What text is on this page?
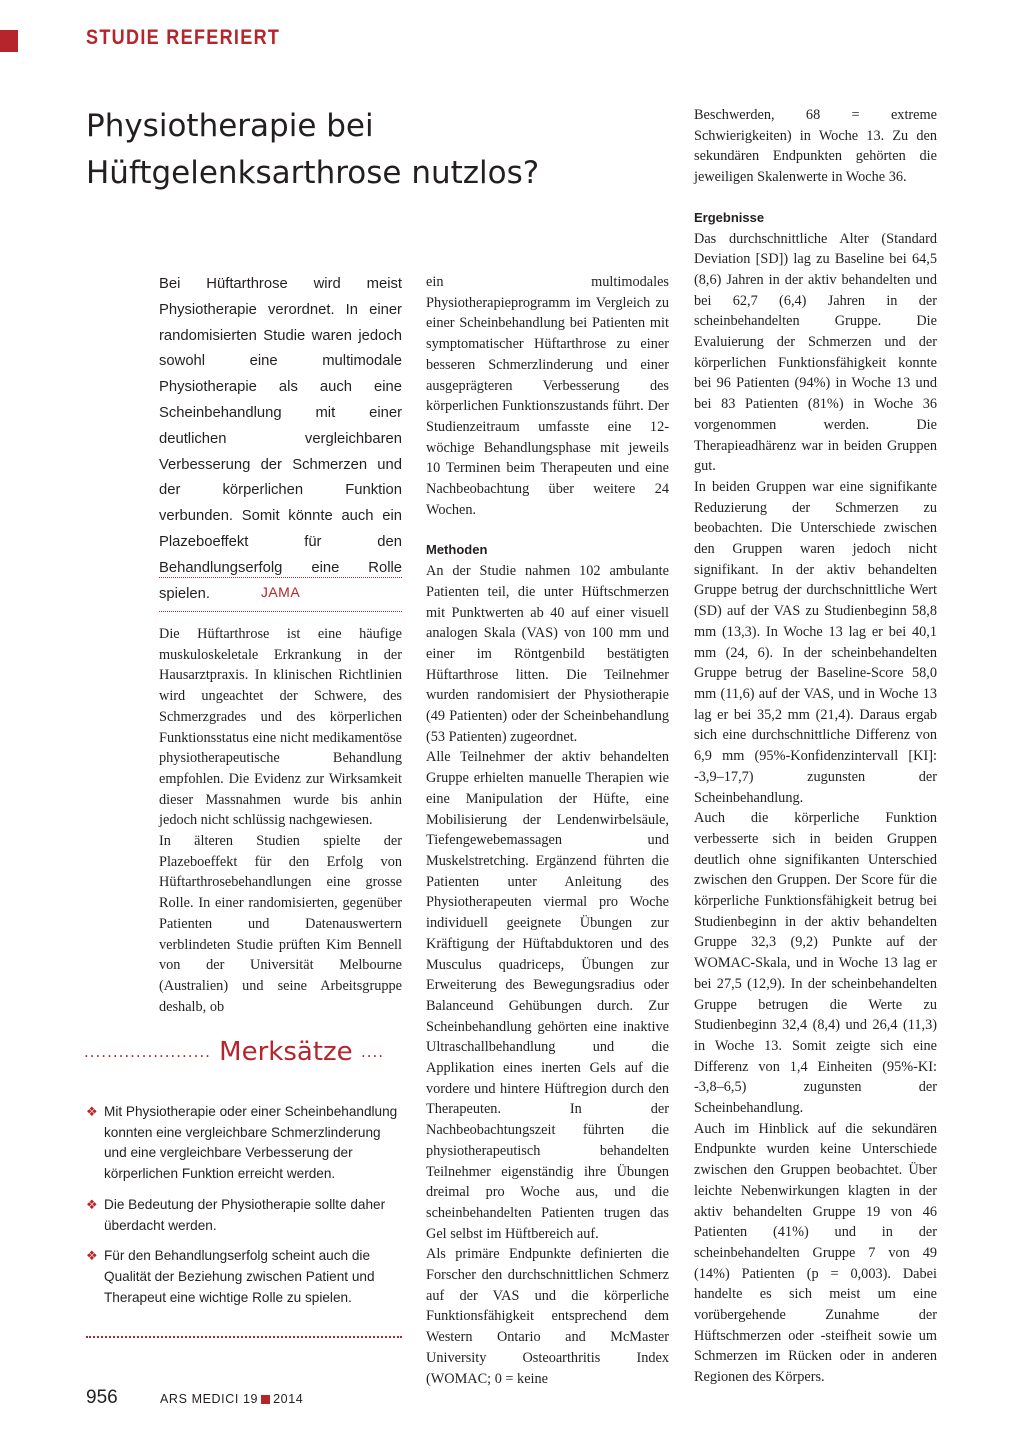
STUDIE REFERIERT
Physiotherapie bei Hüftgelenksarthrose nutzlos?
Bei Hüftarthrose wird meist Physiotherapie verordnet. In einer randomisierten Studie waren jedoch sowohl eine multimodale Physiotherapie als auch eine Scheinbehandlung mit einer deutlichen vergleichbaren Verbesserung der Schmerzen und der körperlichen Funktion verbunden. Somit könnte auch ein Plazeboeffekt für den Behandlungserfolg eine Rolle spielen.	JAMA

Die Hüftarthrose ist eine häufige muskuloskeletale Erkrankung in der Hausarztpraxis. In klinischen Richtlinien wird ungeachtet der Schwere, des Schmerzgrades und des körperlichen Funktionsstatus eine nicht medikamentöse physiotherapeutische Behandlung empfohlen. Die Evidenz zur Wirksamkeit dieser Massnahmen wurde bis anhin jedoch nicht schlüssig nachgewiesen.

In älteren Studien spielte der Plazeboeffekt für den Erfolg von Hüftarthrosebehandlungen eine grosse Rolle. In einer randomisierten, gegenüber Patienten und Datenauswertern verblindeten Studie prüften Kim Bennell von der Universität Melbourne (Australien) und seine Arbeitsgruppe deshalb, ob

ein multimodales Physiotherapieprogramm im Vergleich zu einer Scheinbehandlung bei Patienten mit symptomatischer Hüftarthrose zu einer besseren Schmerzlinderung und einer ausgeprägteren Verbesserung des körperlichen Funktionszustands führt. Der Studienzeitraum umfasste eine 12-wöchige Behandlungsphase mit jeweils 10 Terminen beim Therapeuten und eine Nachbeobachtung über weitere 24 Wochen.

Methoden

An der Studie nahmen 102 ambulante Patienten teil, die unter Hüftschmerzen mit Punktwerten ab 40 auf einer visuell analogen Skala (VAS) von 100 mm und einer im Röntgenbild bestätigten Hüftarthrose litten. Die Teilnehmer wurden randomisiert der Physiotherapie (49 Patienten) oder der Scheinbehandlung (53 Patienten) zugeordnet.

Alle Teilnehmer der aktiv behandelten Gruppe erhielten manuelle Therapien wie eine Manipulation der Hüfte, eine Mobilisierung der Lendenwirbelsäule, Tiefengewebemassagen und Muskelstretching. Ergänzend führten die Patienten unter Anleitung des Physiotherapeuten viermal pro Woche individuell geeignete Übungen zur Kräftigung der Hüftabduktoren und des Musculus quadriceps, Übungen zur Erweiterung des Bewegungsradius oder Balanceund Gehübungen durch. Zur Scheinbehandlung gehörten eine inaktive Ultraschallbehandlung und die Applikation eines inerten Gels auf die vordere und hintere Hüftregion durch den Therapeuten. In der Nachbeobachtungszeit führten die physiotherapeutisch behandelten Teilnehmer eigenständig ihre Übungen dreimal pro Woche aus, und die scheinbehandelten Patienten trugen das Gel selbst im Hüftbereich auf.

Als primäre Endpunkte definierten die Forscher den durchschnittlichen Schmerz auf der VAS und die körperliche Funktionsfähigkeit entsprechend dem Western Ontario and McMaster University Osteoarthritis Index (WOMAC; 0 = keine

Beschwerden, 68 = extreme Schwierigkeiten) in Woche 13. Zu den sekundären Endpunkten gehörten die jeweiligen Skalenwerte in Woche 36.

Ergebnisse

Das durchschnittliche Alter (Standard Deviation [SD]) lag zu Baseline bei 64,5 (8,6) Jahren in der aktiv behandelten und bei 62,7 (6,4) Jahren in der scheinbehandelten Gruppe. Die Evaluierung der Schmerzen und der körperlichen Funktionsfähigkeit konnte bei 96 Patienten (94%) in Woche 13 und bei 83 Patienten (81%) in Woche 36 vorgenommen werden. Die Therapieadhärenz war in beiden Gruppen gut.

In beiden Gruppen war eine signifikante Reduzierung der Schmerzen zu beobachten. Die Unterschiede zwischen den Gruppen waren jedoch nicht signifikant. In der aktiv behandelten Gruppe betrug der durchschnittliche Wert (SD) auf der VAS zu Studienbeginn 58,8 mm (13,3). In Woche 13 lag er bei 40,1 mm (24, 6). In der scheinbehandelten Gruppe betrug der Baseline-Score 58,0 mm (11,6) auf der VAS, und in Woche 13 lag er bei 35,2 mm (21,4). Daraus ergab sich eine durchschnittliche Differenz von 6,9 mm (95%-Konfidenzintervall [KI]: -3,9–17,7) zugunsten der Scheinbehandlung.

Auch die körperliche Funktion verbesserte sich in beiden Gruppen deutlich ohne signifikanten Unterschied zwischen den Gruppen. Der Score für die körperliche Funktionsfähigkeit betrug bei Studienbeginn in der aktiv behandelten Gruppe 32,3 (9,2) Punkte auf der WOMAC-Skala, und in Woche 13 lag er bei 27,5 (12,9). In der scheinbehandelten Gruppe betrugen die Werte zu Studienbeginn 32,4 (8,4) und 26,4 (11,3) in Woche 13. Somit zeigte sich eine Differenz von 1,4 Einheiten (95%-KI: -3,8–6,5) zugunsten der Scheinbehandlung.

Auch im Hinblick auf die sekundären Endpunkte wurden keine Unterschiede zwischen den Gruppen beobachtet. Über leichte Nebenwirkungen klagten in der aktiv behandelten Gruppe 19 von 46 Patienten (41%) und in der scheinbehandelten Gruppe 7 von 49 (14%) Patienten (p = 0,003). Dabei handelte es sich meist um eine vorübergehende Zunahme der Hüftschmerzen oder -steifheit sowie um Schmerzen im Rücken oder in anderen Regionen des Körpers.

...................... Merksätze ....
❖ Mit Physiotherapie oder einer Scheinbehandlung konnten eine vergleichbare Schmerzlinderung und eine vergleichbare Verbesserung der körperlichen Funktion erreicht werden.
❖ Die Bedeutung der Physiotherapie sollte daher überdacht werden.
❖ Für den Behandlungserfolg scheint auch die Qualität der Beziehung zwischen Patient und Therapeut eine wichtige Rolle zu spielen.
956	ARS MEDICI 19 2014
